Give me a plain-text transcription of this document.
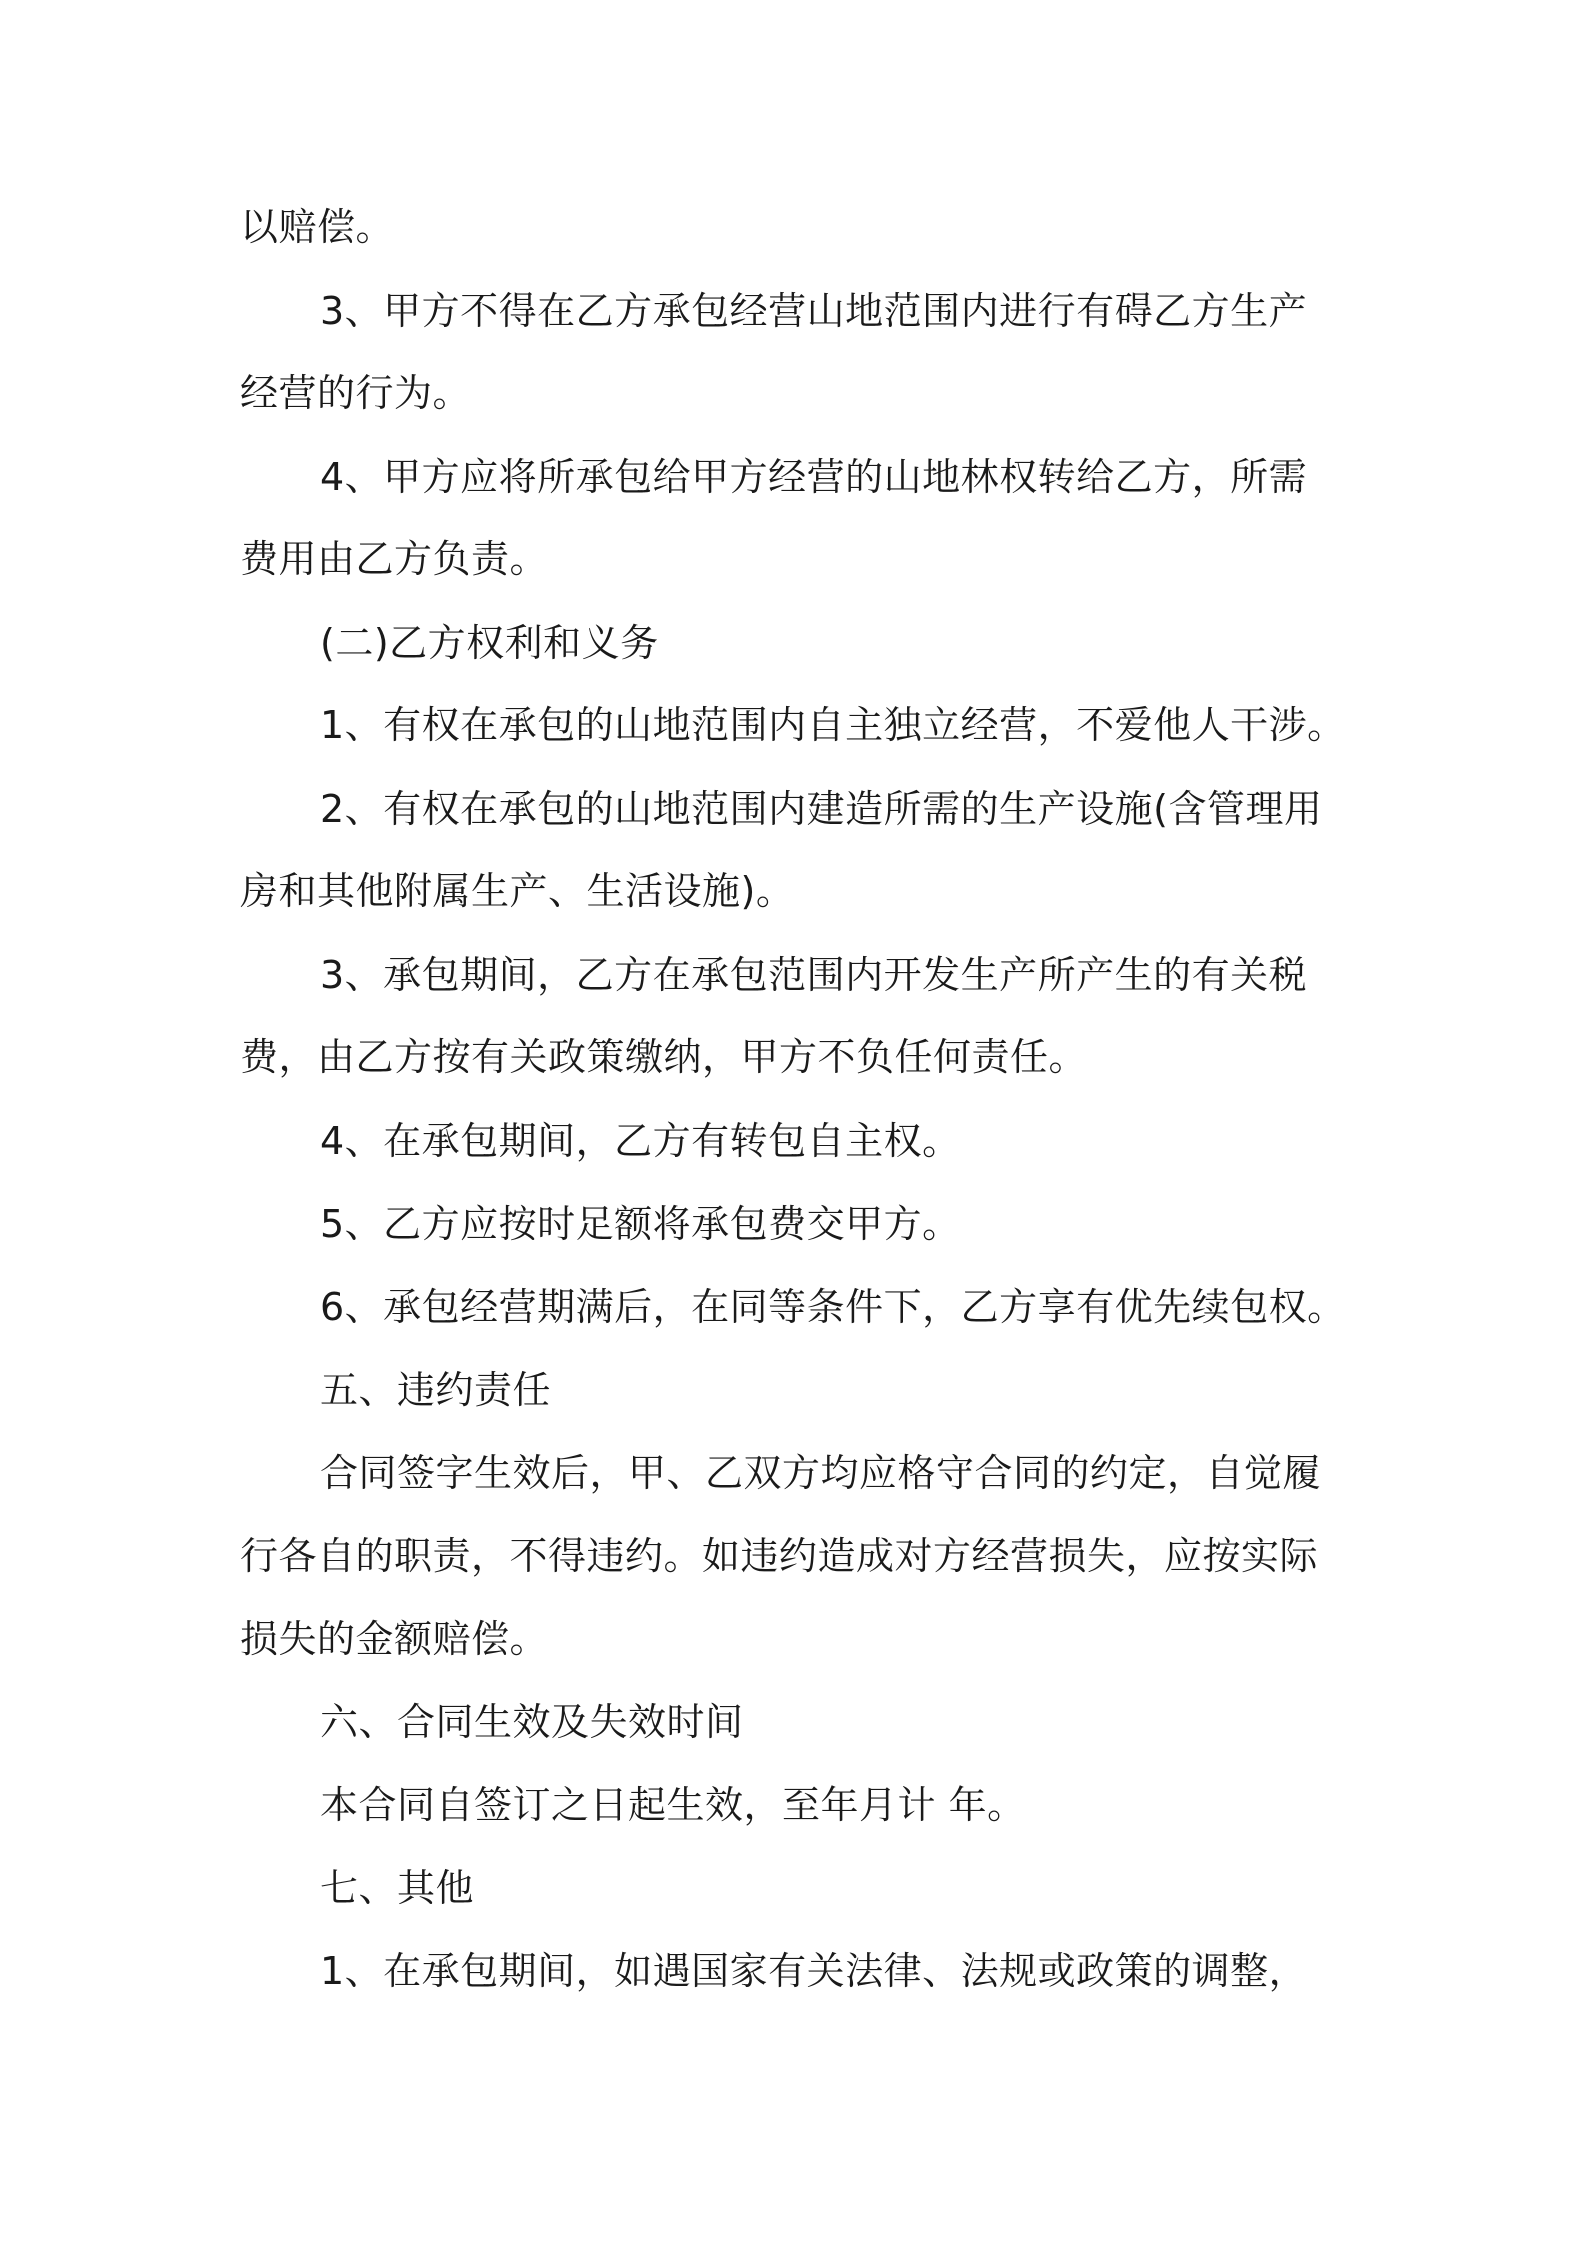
以赔偿。

3、甲方不得在乙方承包经营山地范围内进行有碍乙方生产

经营的行为。

4、甲方应将所承包给甲方经营的山地林权转给乙方，所需

费用由乙方负责。

(二)乙方权利和义务

1、有权在承包的山地范围内自主独立经营，不爱他人干涉。

2、有权在承包的山地范围内建造所需的生产设施(含管理用

房和其他附属生产、生活设施)。

3、承包期间，乙方在承包范围内开发生产所产生的有关税

费，由乙方按有关政策缴纳，甲方不负任何责任。

4、在承包期间，乙方有转包自主权。

5、乙方应按时足额将承包费交甲方。

6、承包经营期满后，在同等条件下，乙方享有优先续包权。

五、违约责任

合同签字生效后，甲、乙双方均应格守合同的约定，自觉履

行各自的职责，不得违约。如违约造成对方经营损失，应按实际

损失的金额赔偿。

六、合同生效及失效时间

本合同自签订之日起生效，至年月计 年。

七、其他

1、在承包期间，如遇国家有关法律、法规或政策的调整，
